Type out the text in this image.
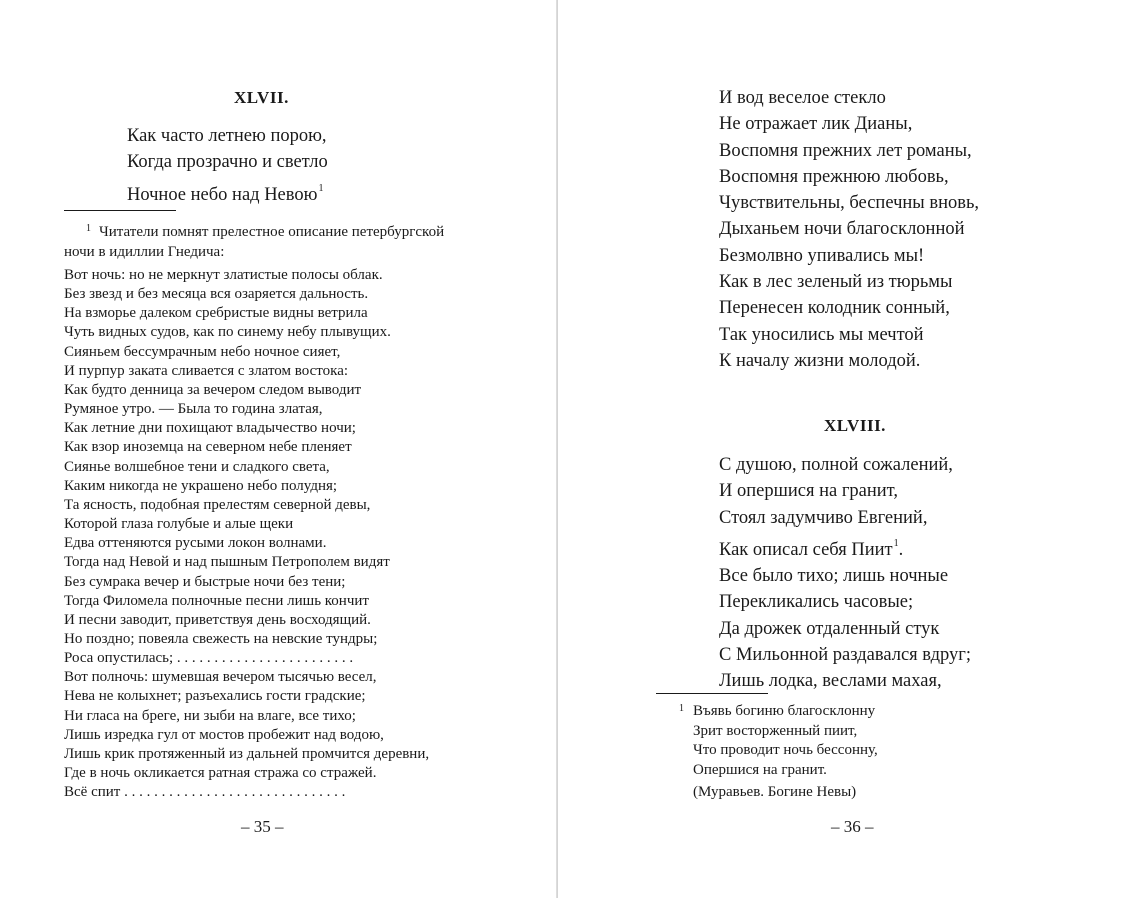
XLVII.
Как часто летнею порою,
Когда прозрачно и светло
Ночное небо над Невою$^1$

$^1$ Читатели помнят прелестное описание петербургской ночи в идиллии Гнедича:

Вот ночь: но не меркнут златистые полосы облак.
Без звезд и без месяца вся озаряется дальность.
На взморье далеком сребристые видны ветрила
Чуть видных судов, как по синему небу плывущих.
Сияньем бессумрачным небо ночное сияет,
И пурпур заката сливается с златом востока:
Как будто денница за вечером следом выводит
Румяное утро. — Была то година златая,
Как летние дни похищают владычество ночи;
Как взор иноземца на северном небе пленяет
Сиянье волшебное тени и сладкого света,
Каким никогда не украшено небо полудня;
Та ясность, подобная прелестям северной девы,
Которой глаза голубые и алые щеки
Едва оттеняются русыми локон волнами.
Тогда над Невой и над пышным Петрополем видят
Без сумрака вечер и быстрые ночи без тени;
Тогда Филомела полночные песни лишь кончит
И песни заводит, приветствуя день восходящий.
Но поздно; повеяла свежесть на невские тундры;
Роса опустилась; . . . . . . . . . . . . . . . . . . . . . . . .
Вот полночь: шумевшая вечером тысячью весел,
Нева не колыхнет; разъехались гости градские;
Ни гласа на бреге, ни зыби на влаге, все тихо;
Лишь изредка гул от мостов пробежит над водою,
Лишь крик протяженный из дальней промчится деревни,
Где в ночь окликается ратная стража со стражей.
Всё спит . . . . . . . . . . . . . . . . . . . . . . . . . . . . . .

– 35 –

И вод веселое стекло
Не отражает лик Дианы,
Воспомня прежних лет романы,
Воспомня прежнюю любовь,
Чувствительны, беспечны вновь,
Дыханьем ночи благосклонной
Безмолвно упивались мы!
Как в лес зеленый из тюрьмы
Перенесен колодник сонный,
Так уносились мы мечтой
К началу жизни молодой.
XLVIII.
С душою, полной сожалений,
И опершися на гранит,
Стоял задумчиво Евгений,
Как описал себя Пиит$^1$.
Все было тихо; лишь ночные
Перекликались часовые;
Да дрожек отдаленный стук
С Мильонной раздавался вдруг;
Лишь лодка, веслами махая,
1 Въявь богиню благосклонну
Зрит восторженный пиит,
Что проводит ночь бессонну,
Опершися на гранит.

(Муравьев. Богине Невы)

– 36 –
